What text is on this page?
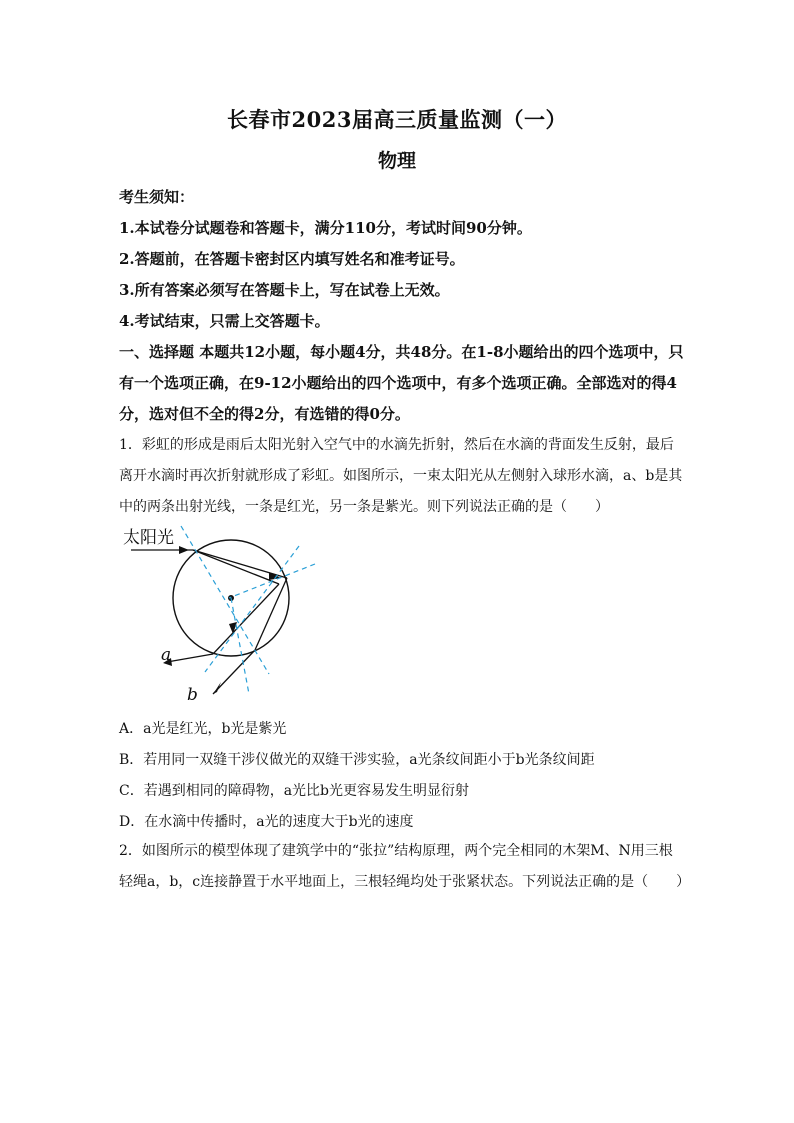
长春市2023届高三质量监测（一）
物理
考生须知：
1.本试卷分试题卷和答题卡，满分110分，考试时间90分钟。
2.答题前，在答题卡密封区内填写姓名和准考证号。
3.所有答案必须写在答题卡上，写在试卷上无效。
4.考试结束，只需上交答题卡。
一、选择题 本题共12小题，每小题4分，共48分。在1-8小题给出的四个选项中，只有一个选项正确，在9-12小题给出的四个选项中，有多个选项正确。全部选对的得4分，选对但不全的得2分，有选错的得0分。
1．彩虹的形成是雨后太阳光射入空气中的水滴先折射，然后在水滴的背面发生反射，最后离开水滴时再次折射就形成了彩虹。如图所示，一束太阳光从左侧射入球形水滴，a、b是其中的两条出射光线，一条是红光，另一条是紫光。则下列说法正确的是（　　）
太阳光
a
b
A．a光是红光，b光是紫光
B．若用同一双缝干涉仪做光的双缝干涉实验，a光条纹间距小于b光条纹间距
C．若遇到相同的障碍物，a光比b光更容易发生明显衍射
D．在水滴中传播时，a光的速度大于b光的速度
2．如图所示的模型体现了建筑学中的“张拉”结构原理，两个完全相同的木架M、N用三根轻绳a，b，c连接静置于水平地面上，三根轻绳均处于张紧状态。下列说法正确的是（　　）
